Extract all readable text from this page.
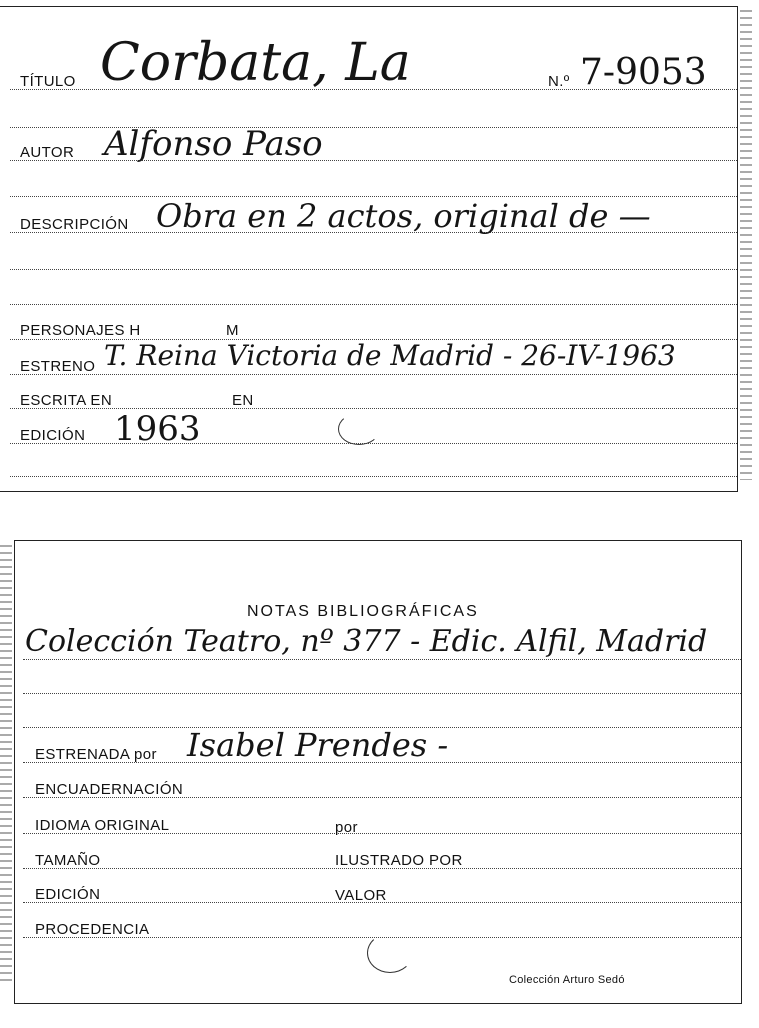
TÍTULO Corbata, La	N.º 7-9053
AUTOR Alfonso Paso
DESCRIPCIÓN Obra en 2 actos, original de —
PERSONAJES H	M
ESTRENO T. Reina Victoria de Madrid - 26-IV-1963
ESCRITA EN	EN
EDICIÓN 1963
NOTAS BIBLIOGRÁFICAS
Colección Teatro, nº 377 - Edic. Alfil, Madrid
ESTRENADA por Isabel Prendes -
ENCUADERNACIÓN
IDIOMA ORIGINAL	por
TAMAÑO	ILUSTRADO POR
EDICIÓN	VALOR
PROCEDENCIA
Colección Arturo Sedó
